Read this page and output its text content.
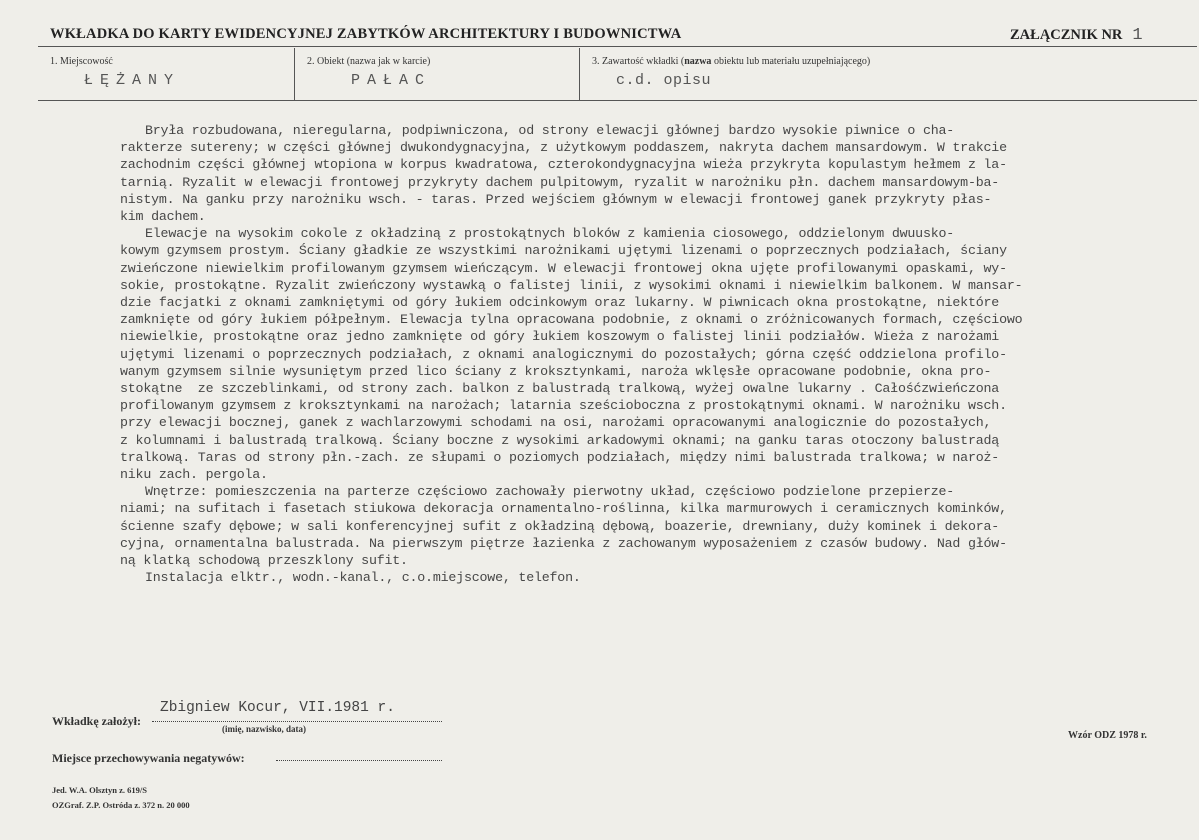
WKŁADKA DO KARTY EWIDENCYJNEJ ZABYTKÓW ARCHITEKTURY I BUDOWNICTWA	ZAŁĄCZNIK NR 1
1. Miejscowość
ŁĘŻANY
2. Obiekt (nazwa jak w karcie)
PAŁAC
3. Zawartość wkładki (nazwa obiektu lub materiału uzupełniającego)
c.d. opisu
Bryła rozbudowana, nieregularna, podpiwniczona, od strony elewacji głównej bardzo wysokie piwnice o cha-
rakterze sutereny; w części głównej dwukondygnacyjna, z użytkowym poddaszem, nakryta dachem mansardowym. W trakcie
zachodnim części głównej wtopiona w korpus kwadratowa, czterokondygnacyjna wieża przykryta kopulastym hełmem z la-
tarnią. Ryzalit w elewacji frontowej przykryty dachem pulpitowym, ryzalit w narożniku płn. dachem mansardowym-ba-
nistym. Na ganku przy narożniku wsch. - taras. Przed wejściem głównym w elewacji frontowej ganek przykryty płas-
kim dachem.
Elewacje na wysokim cokole z okładziną z prostokątnych bloków z kamienia ciosowego, oddzielonym dwuusko-
kowym gzymsem prostym. Ściany gładkie ze wszystkimi narożnikami ujętymi lizenami o poprzecznych podziałach, ściany
zwieńczone niewielkim profilowanym gzymsem wieńczącym. W elewacji frontowej okna ujęte profilowanymi opaskami, wy-
sokie, prostokątne. Ryzalit zwieńczony wystawką o falistej linii, z wysokimi oknami i niewielkim balkonem. W mansar-
dzie facjatki z oknami zamkniętymi od góry łukiem odcinkowym oraz lukarny. W piwnicach okna prostokątne, niektóre
zamknięte od góry łukiem półpełnym. Elewacja tylna opracowana podobnie, z oknami o zróżnicowanych formach, częściowo
niewielkie, prostokątne oraz jedno zamknięte od góry łukiem koszowym o falistej linii podziałów. Wieża z narożami
ujętymi lizenami o poprzecznych podziałach, z oknami analogicznymi do pozostałych; górna część oddzielona profilo-
wanym gzymsem silnie wysuniętym przed lico ściany z kroksztynkami, naroża wklęsłe opracowane podobnie, okna pro-
stokątne  ze szczeblinkami, od strony zach. balkon z balustradą tralkową, wyżej owalne lukarny . Całośćzwieńczona
profilowanym gzymsem z kroksztynkami na narożach; latarnia sześcioboczna z prostokątnymi oknami. W narożniku wsch.
przy elewacji bocznej, ganek z wachlarzowymi schodami na osi, narożami opracowanymi analogicznie do pozostałych,
z kolumnami i balustradą tralkową. Ściany boczne z wysokimi arkadowymi oknami; na ganku taras otoczony balustradą
tralkową. Taras od strony płn.-zach. ze słupami o poziomych podziałach, między nimi balustrada tralkowa; w naroż-
niku zach. pergola.
Wnętrze: pomieszczenia na parterze częściowo zachowały pierwotny układ, częściowo podzielone przepierze-
niami; na sufitach i fasetach stiukowa dekoracja ornamentalno-roślinna, kilka marmurowych i ceramicznych kominków,
ścienne szafy dębowe; w sali konferencyjnej sufit z okładziną dębową, boazerie, drewniany, duży kominek i dekora-
cyjna, ornamentalna balustrada. Na pierwszym piętrze łazienka z zachowanym wyposażeniem z czasów budowy. Nad głów-
ną klatką schodową przeszklony sufit.
Instalacja elktr., wodn.-kanal., c.o.miejscowe, telefon.
Wkładkę założył:
Zbigniew Kocur, VII.1981 r.
(imię, nazwisko, data)
Wzór ODZ 1978 r.
Miejsce przechowywania negatywów:
Jed. W.A. Olsztyn z. 619/S
OZGraf. Z.P. Ostróda z. 372 n. 20 000
